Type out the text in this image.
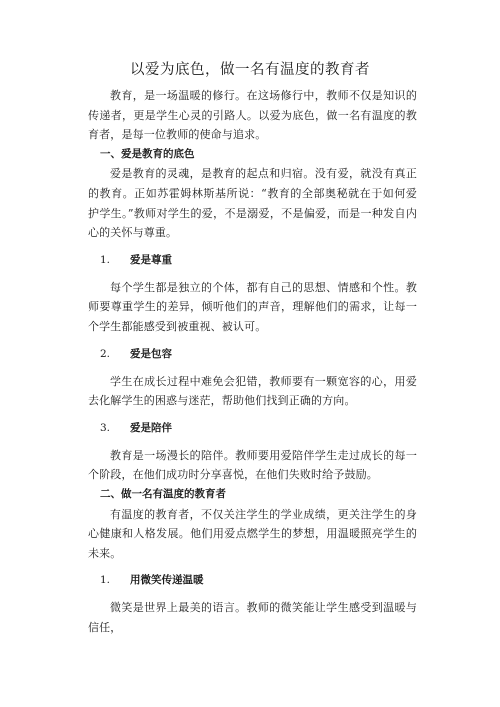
以爱为底色，做一名有温度的教育者

教育，是一场温暖的修行。在这场修行中，教师不仅是知识的传递者，更是学生心灵的引路人。以爱为底色，做一名有温度的教育者，是每一位教师的使命与追求。

一、爱是教育的底色

爱是教育的灵魂，是教育的起点和归宿。没有爱，就没有真正的教育。正如苏霍姆林斯基所说：“教育的全部奥秘就在于如何爱护学生。”教师对学生的爱，不是溺爱，不是偏爱，而是一种发自内心的关怀与尊重。

1. 爱是尊重

每个学生都是独立的个体，都有自己的思想、情感和个性。教师要尊重学生的差异，倾听他们的声音，理解他们的需求，让每一个学生都能感受到被重视、被认可。

2. 爱是包容

学生在成长过程中难免会犯错，教师要有一颗宽容的心，用爱去化解学生的困惑与迷茫，帮助他们找到正确的方向。

3. 爱是陪伴

教育是一场漫长的陪伴。教师要用爱陪伴学生走过成长的每一个阶段，在他们成功时分享喜悦，在他们失败时给予鼓励。

二、做一名有温度的教育者

有温度的教育者，不仅关注学生的学业成绩，更关注学生的身心健康和人格发展。他们用爱点燃学生的梦想，用温暖照亮学生的未来。

1. 用微笑传递温暖

微笑是世界上最美的语言。教师的微笑能让学生感受到温暖与信任，
